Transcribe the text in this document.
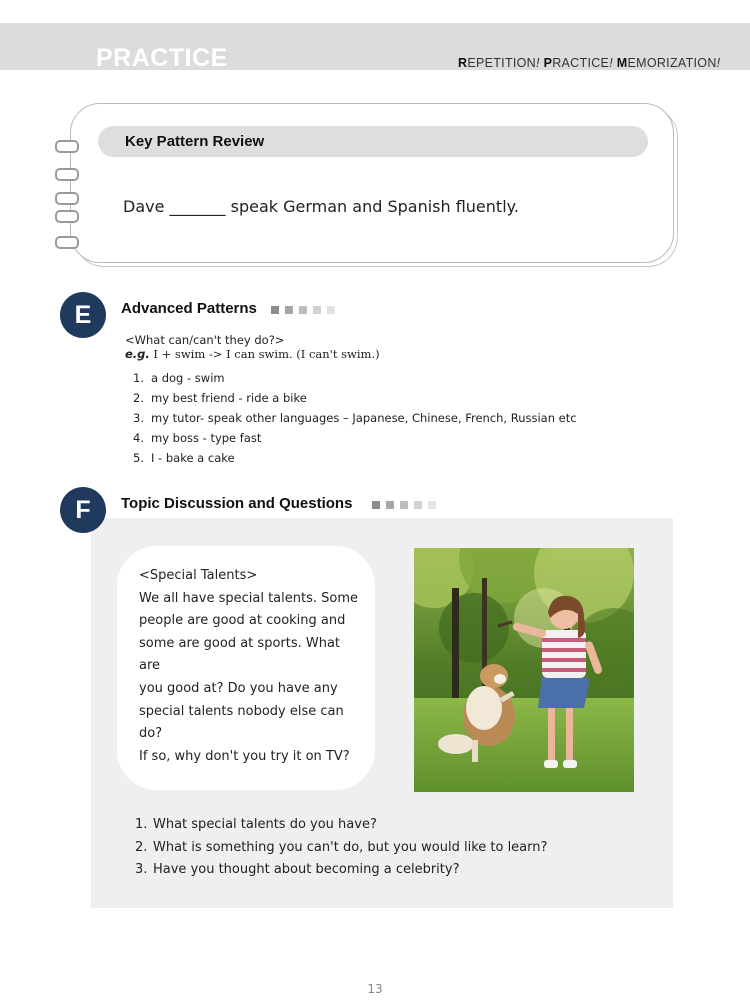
PRACTICE	REPETITION! PRACTICE! MEMORIZATION!
Key Pattern Review
Dave _______ speak German and Spanish fluently.
E	Advanced Patterns
<What can/can't they do?>
e.g. I + swim -> I can swim. (I can't swim.)
1. a dog - swim
2. my best friend - ride a bike
3. my tutor- speak other languages – Japanese, Chinese, French, Russian etc
4. my boss - type fast
5. I - bake a cake
F	Topic Discussion and Questions
<Special Talents>
We all have special talents. Some
people are good at cooking and
some are good at sports. What are
you good at? Do you have any
special talents nobody else can do?
If so, why don't you try it on TV?
1. What special talents do you have?
2. What is something you can't do, but you would like to learn?
3. Have you thought about becoming a celebrity?
13
